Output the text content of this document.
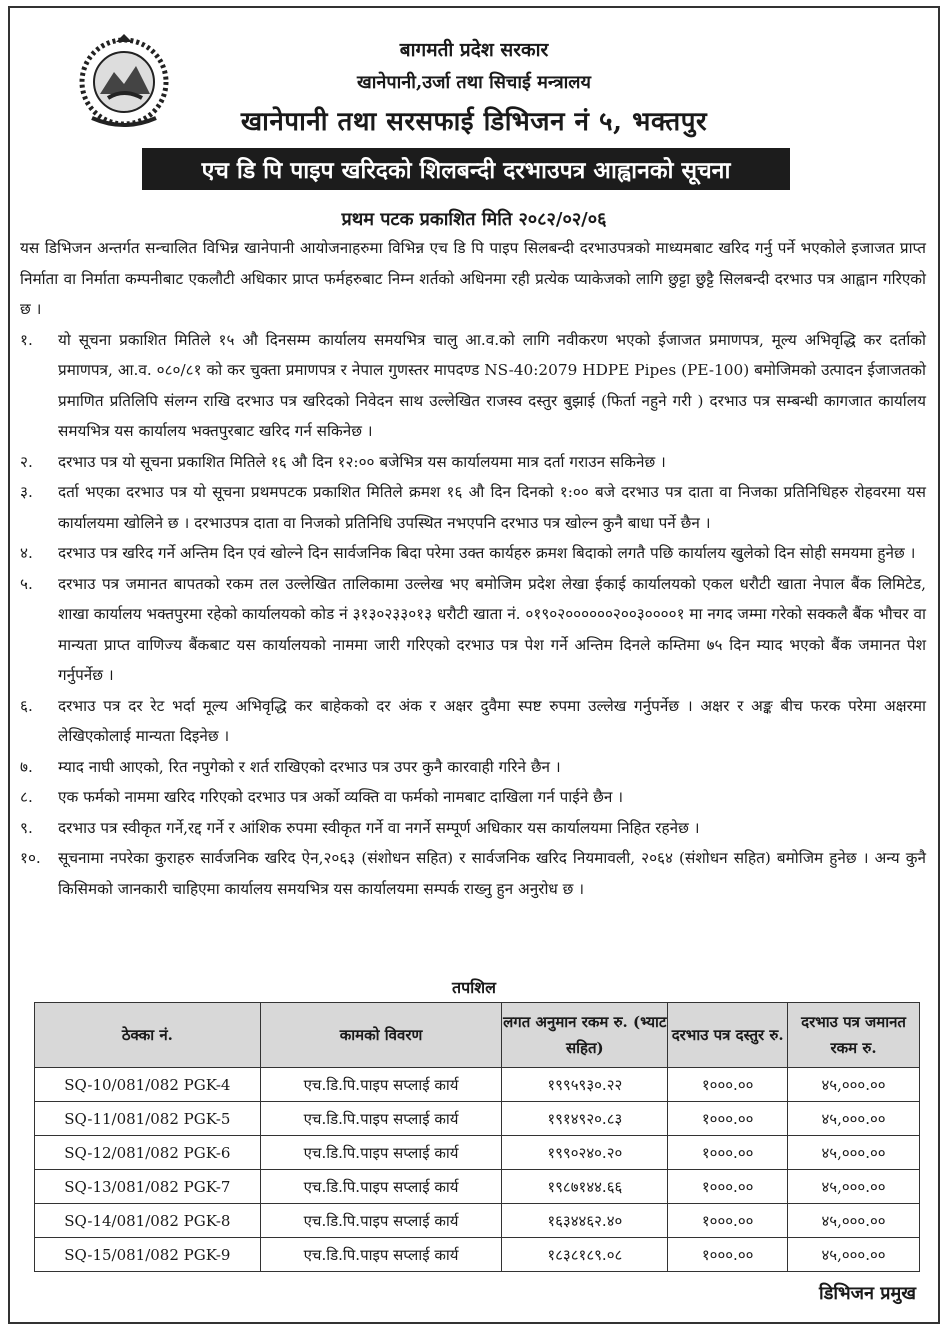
बागमती प्रदेश सरकार
खानेपानी,उर्जा तथा सिचाई मन्त्रालय
खानेपानी तथा सरसफाई डिभिजन नं ५, भक्तपुर
एच डि पि पाइप खरिदको शिलबन्दी दरभाउपत्र आह्वानको सूचना
प्रथम पटक प्रकाशित मिति २०८२/०२/०६

यस डिभिजन अन्तर्गत सन्चालित विभिन्न खानेपानी आयोजनाहरुमा विभिन्न एच डि पि पाइप सिलबन्दी दरभाउपत्रको माध्यमबाट खरिद गर्नु पर्ने भएकोले इजाजत प्राप्त निर्माता वा निर्माता कम्पनीबाट एकलौटी अधिकार प्राप्त फर्महरुबाट निम्न शर्तको अधिनमा रही प्रत्येक प्याकेजको लागि छुट्टा छुट्टै सिलबन्दी दरभाउ पत्र आह्वान गरिएको छ ।

१.	यो सूचना प्रकाशित मितिले १५ औ दिनसम्म कार्यालय समयभित्र चालु आ.व.को लागि नवीकरण भएको ईजाजत प्रमाणपत्र, मूल्य अभिवृद्धि कर दर्ताको प्रमाणपत्र, आ.व. ०८०/८१ को कर चुक्ता प्रमाणपत्र र नेपाल गुणस्तर मापदण्ड NS-40:2079 HDPE Pipes (PE-100) बमोजिमको उत्पादन ईजाजतको प्रमाणित प्रतिलिपि संलग्न राखि दरभाउ पत्र खरिदको निवेदन साथ उल्लेखित राजस्व दस्तुर बुझाई (फिर्ता नहुने गरी ) दरभाउ पत्र सम्बन्धी कागजात कार्यालय समयभित्र यस कार्यालय भक्तपुरबाट खरिद गर्न सकिनेछ ।
२.	दरभाउ पत्र यो सूचना प्रकाशित मितिले १६ औ दिन १२:०० बजेभित्र यस कार्यालयमा मात्र दर्ता गराउन सकिनेछ ।
३.	दर्ता भएका दरभाउ पत्र यो सूचना प्रथमपटक प्रकाशित मितिले क्रमश १६ औ दिन दिनको १:०० बजे दरभाउ पत्र दाता वा निजका प्रतिनिधिहरु रोहवरमा यस कार्यालयमा खोलिने छ । दरभाउपत्र दाता वा निजको प्रतिनिधि उपस्थित नभएपनि दरभाउ पत्र खोल्न कुनै बाधा पर्ने छैन ।
४.	दरभाउ पत्र खरिद गर्ने अन्तिम दिन एवं खोल्ने दिन सार्वजनिक बिदा परेमा उक्त कार्यहरु क्रमश बिदाको लगतै पछि कार्यालय खुलेको दिन सोही समयमा हुनेछ ।
५.	दरभाउ पत्र जमानत बापतको रकम तल उल्लेखित तालिकामा उल्लेख भए बमोजिम प्रदेश लेखा ईकाई कार्यालयको एकल धरौटी खाता नेपाल बैंक लिमिटेड, शाखा कार्यालय भक्तपुरमा रहेको कार्यालयको कोड नं ३१३०२३३०१३ धरौटी खाता नं. ०१९०२००००००२००३००००१ मा नगद जम्मा गरेको सक्कलै बैंक भौचर वा मान्यता प्राप्त वाणिज्य बैंकबाट यस कार्यालयको नाममा जारी गरिएको दरभाउ पत्र पेश गर्ने अन्तिम दिनले कम्तिमा ७५ दिन म्याद भएको बैंक जमानत पेश गर्नुपर्नेछ ।
६.	दरभाउ पत्र दर रेट भर्दा मूल्य अभिवृद्धि कर बाहेकको दर अंक र अक्षर दुवैमा स्पष्ट रुपमा उल्लेख गर्नुपर्नेछ । अक्षर र अङ्क बीच फरक परेमा अक्षरमा लेखिएकोलाई मान्यता दिइनेछ ।
७.	म्याद नाघी आएको, रित नपुगेको र शर्त राखिएको दरभाउ पत्र उपर कुनै कारवाही गरिने छैन ।
८.	एक फर्मको नाममा खरिद गरिएको दरभाउ पत्र अर्को व्यक्ति वा फर्मको नामबाट दाखिला गर्न पाईने छैन ।
९.	दरभाउ पत्र स्वीकृत गर्ने,रद्द गर्ने र आंशिक रुपमा स्वीकृत गर्ने वा नगर्ने सम्पूर्ण अधिकार यस कार्यालयमा निहित रहनेछ ।
१०.	सूचनामा नपरेका कुराहरु सार्वजनिक खरिद ऐन,२०६३ (संशोधन सहित) र सार्वजनिक खरिद नियमावली, २०६४ (संशोधन सहित) बमोजिम हुनेछ । अन्य कुनै किसिमको जानकारी चाहिएमा कार्यालय समयभित्र यस कार्यालयमा सम्पर्क राख्नु हुन अनुरोध छ ।
तपशिल
ठेक्का नं.	कामको विवरण	लगत अनुमान रकम रु. (भ्याट सहित)	दरभाउ पत्र दस्तुर रु.	दरभाउ पत्र जमानत रकम रु.
SQ-10/081/082 PGK-4	एच.डि.पि.पाइप सप्लाई कार्य	१९९५९३०.२२	१०००.००	४५,०००.००
SQ-11/081/082 PGK-5	एच.डि.पि.पाइप सप्लाई कार्य	१९१४९२०.८३	१०००.००	४५,०००.००
SQ-12/081/082 PGK-6	एच.डि.पि.पाइप सप्लाई कार्य	१९९०२४०.२०	१०००.००	४५,०००.००
SQ-13/081/082 PGK-7	एच.डि.पि.पाइप सप्लाई कार्य	१९८७१४४.६६	१०००.००	४५,०००.००
SQ-14/081/082 PGK-8	एच.डि.पि.पाइप सप्लाई कार्य	१६३४४६२.४०	१०००.००	४५,०००.००
SQ-15/081/082 PGK-9	एच.डि.पि.पाइप सप्लाई कार्य	१८३८१८९.०८	१०००.००	४५,०००.००
डिभिजन प्रमुख
